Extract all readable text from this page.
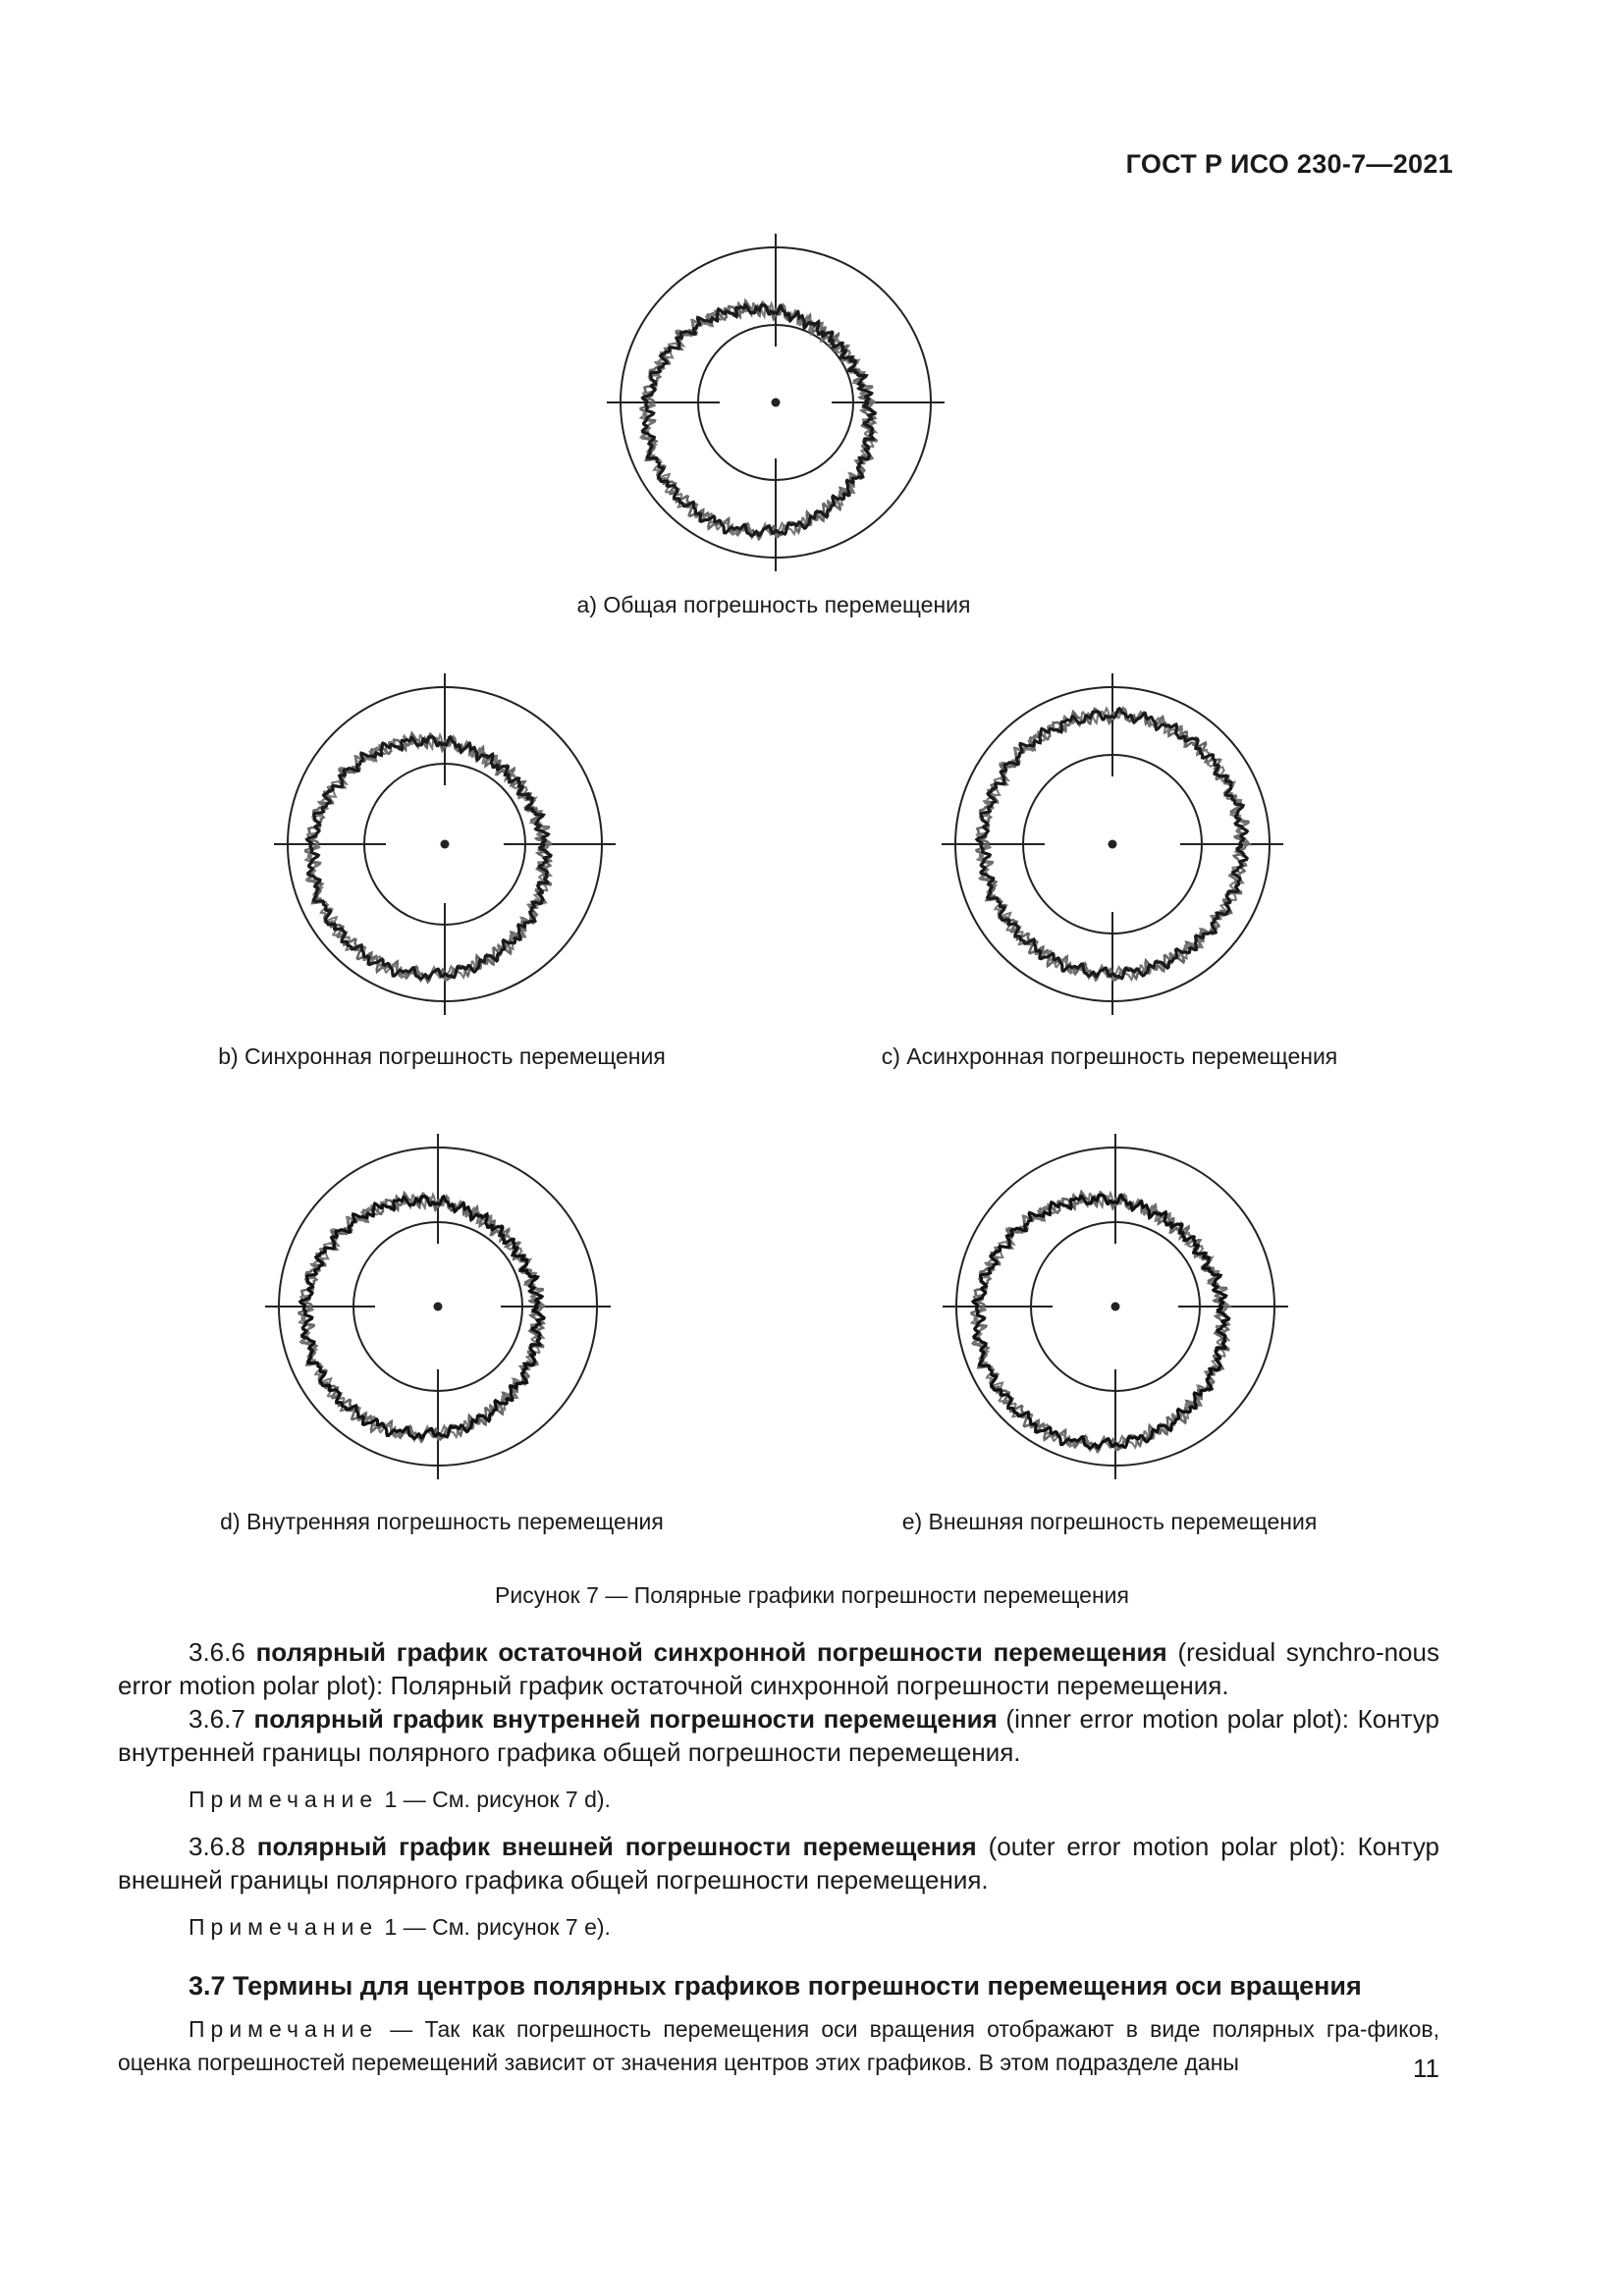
ГОСТ Р ИСО 230-7—2021
a) Общая погрешность перемещения
b) Синхронная погрешность перемещения	c) Асинхронная погрешность перемещения
d) Внутренняя погрешность перемещения	e) Внешняя погрешность перемещения
Рисунок 7 — Полярные графики погрешности перемещения

3.6.6 полярный график остаточной синхронной погрешности перемещения (residual synchro-nous error motion polar plot): Полярный график остаточной синхронной погрешности перемещения.

3.6.7 полярный график внутренней погрешности перемещения (inner error motion polar plot): Контур внутренней границы полярного графика общей погрешности перемещения.

Примечание 1 — См. рисунок 7 d).

3.6.8 полярный график внешней погрешности перемещения (outer error motion polar plot): Контур внешней границы полярного графика общей погрешности перемещения.

Примечание 1 — См. рисунок 7 е).

3.7 Термины для центров полярных графиков погрешности перемещения оси вращения

Примечание — Так как погрешность перемещения оси вращения отображают в виде полярных гра-фиков, оценка погрешностей перемещений зависит от значения центров этих графиков. В этом подразделе даны	11
